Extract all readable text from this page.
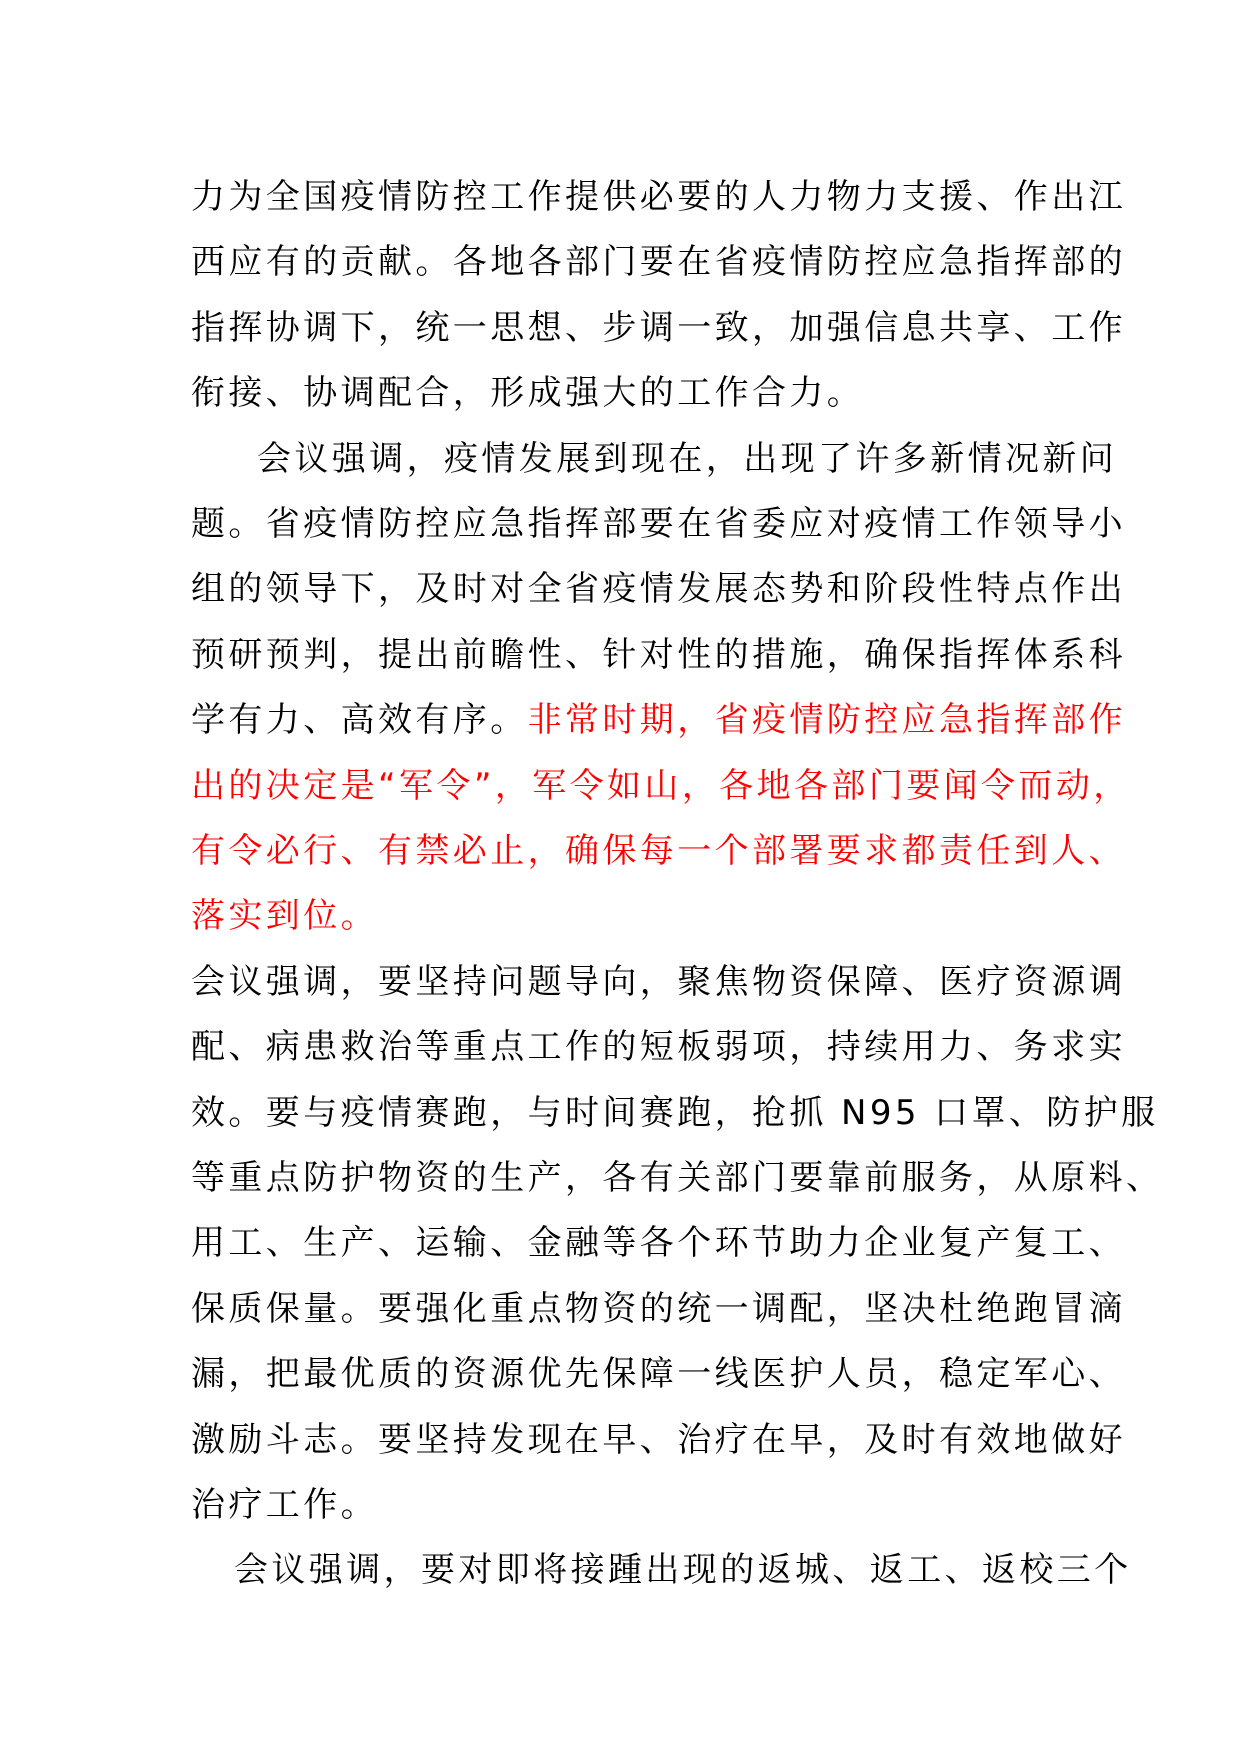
力为全国疫情防控工作提供必要的人力物力支援、作出江
西应有的贡献。各地各部门要在省疫情防控应急指挥部的
指挥协调下，统一思想、步调一致，加强信息共享、工作
衔接、协调配合，形成强大的工作合力。
会议强调，疫情发展到现在，出现了许多新情况新问
题。省疫情防控应急指挥部要在省委应对疫情工作领导小
组的领导下，及时对全省疫情发展态势和阶段性特点作出
预研预判，提出前瞻性、针对性的措施，确保指挥体系科
学有力、高效有序。非常时期，省疫情防控应急指挥部作
出的决定是“军令”，军令如山，各地各部门要闻令而动，
有令必行、有禁必止，确保每一个部署要求都责任到人、
落实到位。
会议强调，要坚持问题导向，聚焦物资保障、医疗资源调
配、病患救治等重点工作的短板弱项，持续用力、务求实
效。要与疫情赛跑，与时间赛跑，抢抓 N95 口罩、防护服
等重点防护物资的生产，各有关部门要靠前服务，从原料、
用工、生产、运输、金融等各个环节助力企业复产复工、
保质保量。要强化重点物资的统一调配，坚决杜绝跑冒滴
漏，把最优质的资源优先保障一线医护人员，稳定军心、
激励斗志。要坚持发现在早、治疗在早，及时有效地做好
治疗工作。
会议强调，要对即将接踵出现的返城、返工、返校三个
